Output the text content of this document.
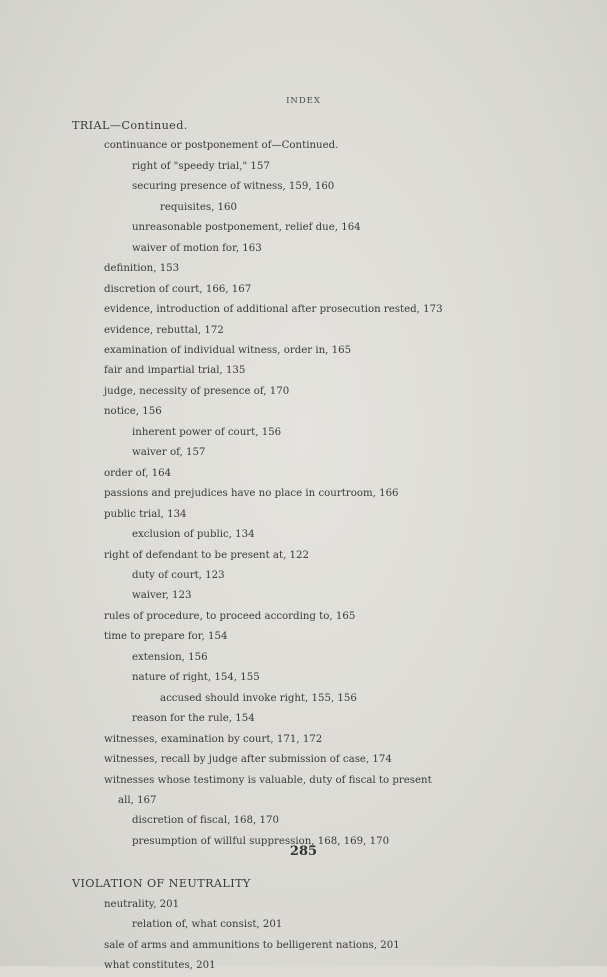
INDEX
TRIAL—Continued.
continuance or postponement of—Continued.
right of "speedy trial," 157
securing presence of witness, 159, 160
requisites, 160
unreasonable postponement, relief due, 164
waiver of motion for, 163
definition, 153
discretion of court, 166, 167
evidence, introduction of additional after prosecution rested, 173
evidence, rebuttal, 172
examination of individual witness, order in, 165
fair and impartial trial, 135
judge, necessity of presence of, 170
notice, 156
inherent power of court, 156
waiver of, 157
order of, 164
passions and prejudices have no place in courtroom, 166
public trial, 134
exclusion of public, 134
right of defendant to be present at, 122
duty of court, 123
waiver, 123
rules of procedure, to proceed according to, 165
time to prepare for, 154
extension, 156
nature of right, 154, 155
accused should invoke right, 155, 156
reason for the rule, 154
witnesses, examination by court, 171, 172
witnesses, recall by judge after submission of case, 174
witnesses whose testimony is valuable, duty of fiscal to present
all, 167
discretion of fiscal, 168, 170
presumption of willful suppression, 168, 169, 170
VIOLATION OF NEUTRALITY
neutrality, 201
relation of, what consist, 201
sale of arms and ammunitions to belligerent nations, 201
what constitutes, 201
285
